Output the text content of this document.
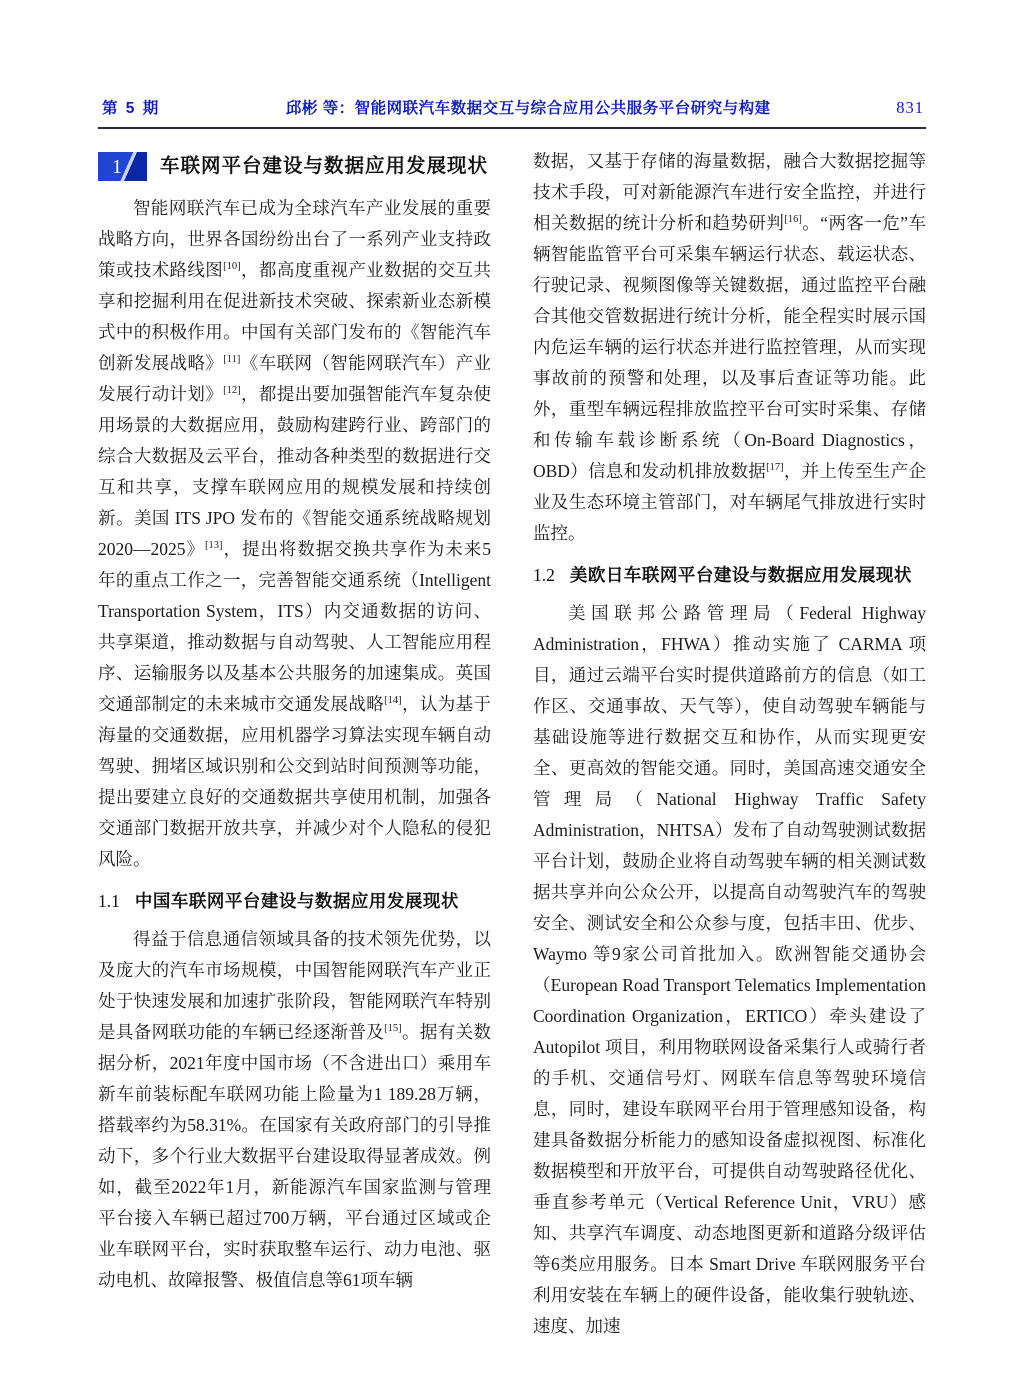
第 5 期	邱彬 等：智能网联汽车数据交互与综合应用公共服务平台研究与构建	831
1	车联网平台建设与数据应用发展现状

智能网联汽车已成为全球汽车产业发展的重要战略方向，世界各国纷纷出台了一系列产业支持政策或技术路线图[10]，都高度重视产业数据的交互共享和挖掘利用在促进新技术突破、探索新业态新模式中的积极作用。中国有关部门发布的《智能汽车创新发展战略》[11]《车联网（智能网联汽车）产业发展行动计划》[12]，都提出要加强智能汽车复杂使用场景的大数据应用，鼓励构建跨行业、跨部门的综合大数据及云平台，推动各种类型的数据进行交互和共享，支撑车联网应用的规模发展和持续创新。美国 ITS JPO 发布的《智能交通系统战略规划2020—2025》[13]，提出将数据交换共享作为未来5年的重点工作之一，完善智能交通系统（Intelligent Transportation System，ITS）内交通数据的访问、共享渠道，推动数据与自动驾驶、人工智能应用程序、运输服务以及基本公共服务的加速集成。英国交通部制定的未来城市交通发展战略[14]，认为基于海量的交通数据，应用机器学习算法实现车辆自动驾驶、拥堵区域识别和公交到站时间预测等功能，提出要建立良好的交通数据共享使用机制，加强各交通部门数据开放共享，并减少对个人隐私的侵犯风险。

1.1 中国车联网平台建设与数据应用发展现状

得益于信息通信领域具备的技术领先优势，以及庞大的汽车市场规模，中国智能网联汽车产业正处于快速发展和加速扩张阶段，智能网联汽车特别是具备网联功能的车辆已经逐渐普及[15]。据有关数据分析，2021年度中国市场（不含进出口）乘用车新车前装标配车联网功能上险量为1 189.28万辆，搭载率约为58.31%。在国家有关政府部门的引导推动下，多个行业大数据平台建设取得显著成效。例如，截至2022年1月，新能源汽车国家监测与管理平台接入车辆已超过700万辆，平台通过区域或企业车联网平台，实时获取整车运行、动力电池、驱动电机、故障报警、极值信息等61项车辆

数据，又基于存储的海量数据，融合大数据挖掘等技术手段，可对新能源汽车进行安全监控，并进行相关数据的统计分析和趋势研判[16]。“两客一危”车辆智能监管平台可采集车辆运行状态、载运状态、行驶记录、视频图像等关键数据，通过监控平台融合其他交管数据进行统计分析，能全程实时展示国内危运车辆的运行状态并进行监控管理，从而实现事故前的预警和处理，以及事后查证等功能。此外，重型车辆远程排放监控平台可实时采集、存储和传输车载诊断系统（On-Board Diagnostics，OBD）信息和发动机排放数据[17]，并上传至生产企业及生态环境主管部门，对车辆尾气排放进行实时监控。

1.2 美欧日车联网平台建设与数据应用发展现状

美国联邦公路管理局（Federal Highway Administration，FHWA）推动实施了 CARMA 项目，通过云端平台实时提供道路前方的信息（如工作区、交通事故、天气等），使自动驾驶车辆能与基础设施等进行数据交互和协作，从而实现更安全、更高效的智能交通。同时，美国高速交通安全管理局（National Highway Traffic Safety Administration，NHTSA）发布了自动驾驶测试数据平台计划，鼓励企业将自动驾驶车辆的相关测试数据共享并向公众公开，以提高自动驾驶汽车的驾驶安全、测试安全和公众参与度，包括丰田、优步、Waymo 等9家公司首批加入。欧洲智能交通协会（European Road Transport Telematics Implementation Coordination Organization，ERTICO）牵头建设了 Autopilot 项目，利用物联网设备采集行人或骑行者的手机、交通信号灯、网联车信息等驾驶环境信息，同时，建设车联网平台用于管理感知设备，构建具备数据分析能力的感知设备虚拟视图、标准化数据模型和开放平台，可提供自动驾驶路径优化、垂直参考单元（Vertical Reference Unit，VRU）感知、共享汽车调度、动态地图更新和道路分级评估等6类应用服务。日本 Smart Drive 车联网服务平台利用安装在车辆上的硬件设备，能收集行驶轨迹、速度、加速
